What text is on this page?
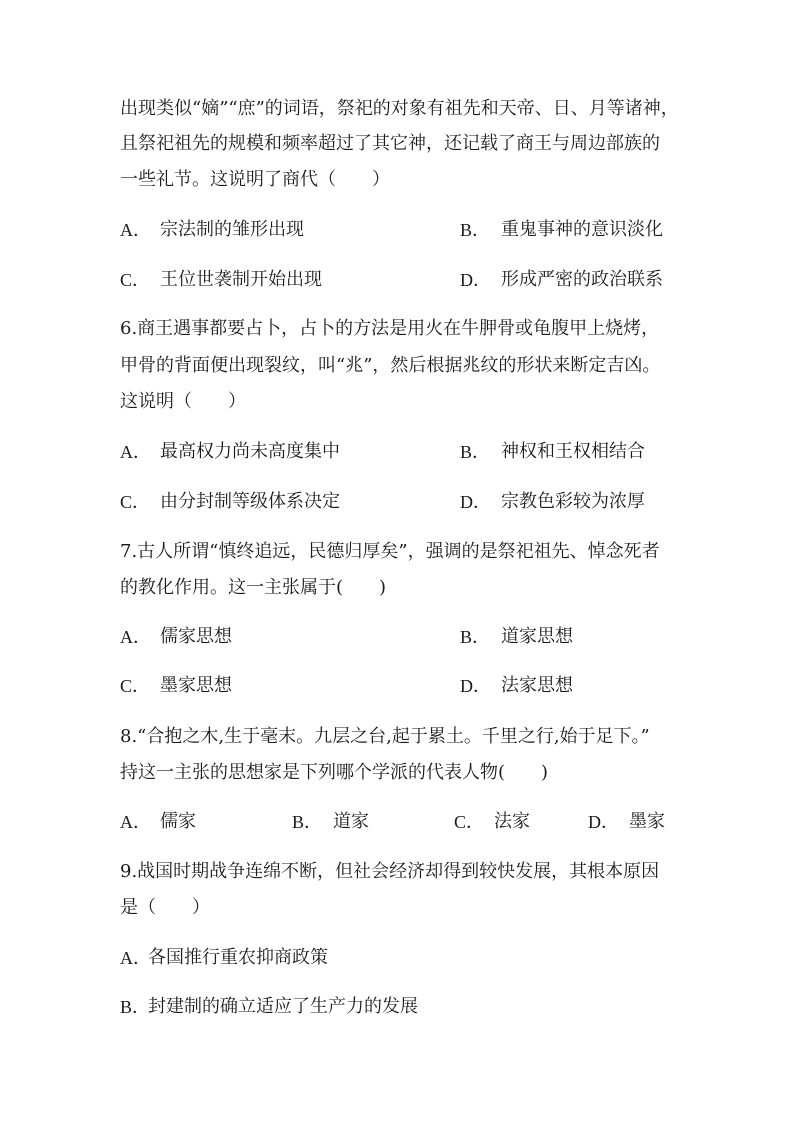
出现类似“嫡”“庶”的词语，祭祀的对象有祖先和天帝、日、月等诸神，
且祭祀祖先的规模和频率超过了其它神，还记载了商王与周边部族的
一些礼节。这说明了商代（　　）
A． 宗法制的雏形出现	B． 重鬼事神的意识淡化
C． 王位世袭制开始出现	D． 形成严密的政治联系
6.商王遇事都要占卜，占卜的方法是用火在牛胛骨或龟腹甲上烧烤，
甲骨的背面便出现裂纹，叫“兆”，然后根据兆纹的形状来断定吉凶。
这说明（　　）
A． 最高权力尚未高度集中	B． 神权和王权相结合
C． 由分封制等级体系决定	D． 宗教色彩较为浓厚
7.古人所谓“慎终追远，民德归厚矣”，强调的是祭祀祖先、悼念死者
的教化作用。这一主张属于(　　)
A． 儒家思想	B． 道家思想
C． 墨家思想	D． 法家思想
8.“合抱之木,生于毫末。九层之台,起于累土。千里之行,始于足下。”
持这一主张的思想家是下列哪个学派的代表人物(　　)
A． 儒家	B． 道家	C． 法家	D． 墨家
9.战国时期战争连绵不断，但社会经济却得到较快发展，其根本原因
是（　　）
A．
各国推行重农抑商政策
B．
封建制的确立适应了生产力的发展
